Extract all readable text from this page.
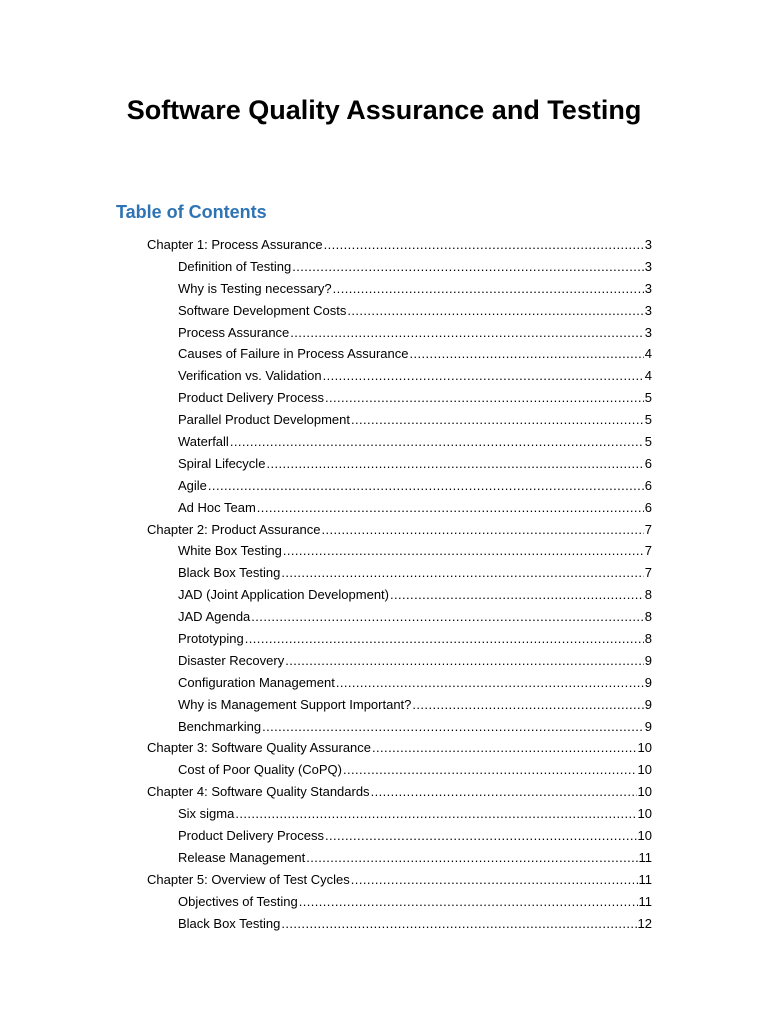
Software Quality Assurance and Testing
Table of Contents
Chapter 1: Process Assurance .....	3
Definition of Testing .....	3
Why is Testing necessary? .....	3
Software Development Costs .....	3
Process Assurance .....	3
Causes of Failure in Process Assurance .....	4
Verification vs. Validation .....	4
Product Delivery Process .....	5
Parallel Product Development .....	5
Waterfall .....	5
Spiral Lifecycle .....	6
Agile .....	6
Ad Hoc Team .....	6
Chapter 2: Product Assurance .....	7
White Box Testing .....	7
Black Box Testing .....	7
JAD (Joint Application Development) .....	8
JAD Agenda .....	8
Prototyping .....	8
Disaster Recovery .....	9
Configuration Management .....	9
Why is Management Support Important? .....	9
Benchmarking .....	9
Chapter 3: Software Quality Assurance .....	10
Cost of Poor Quality (CoPQ) .....	10
Chapter 4: Software Quality Standards .....	10
Six sigma .....	10
Product Delivery Process .....	10
Release Management .....	11
Chapter 5: Overview of Test Cycles .....	11
Objectives of Testing .....	11
Black Box Testing .....	12
